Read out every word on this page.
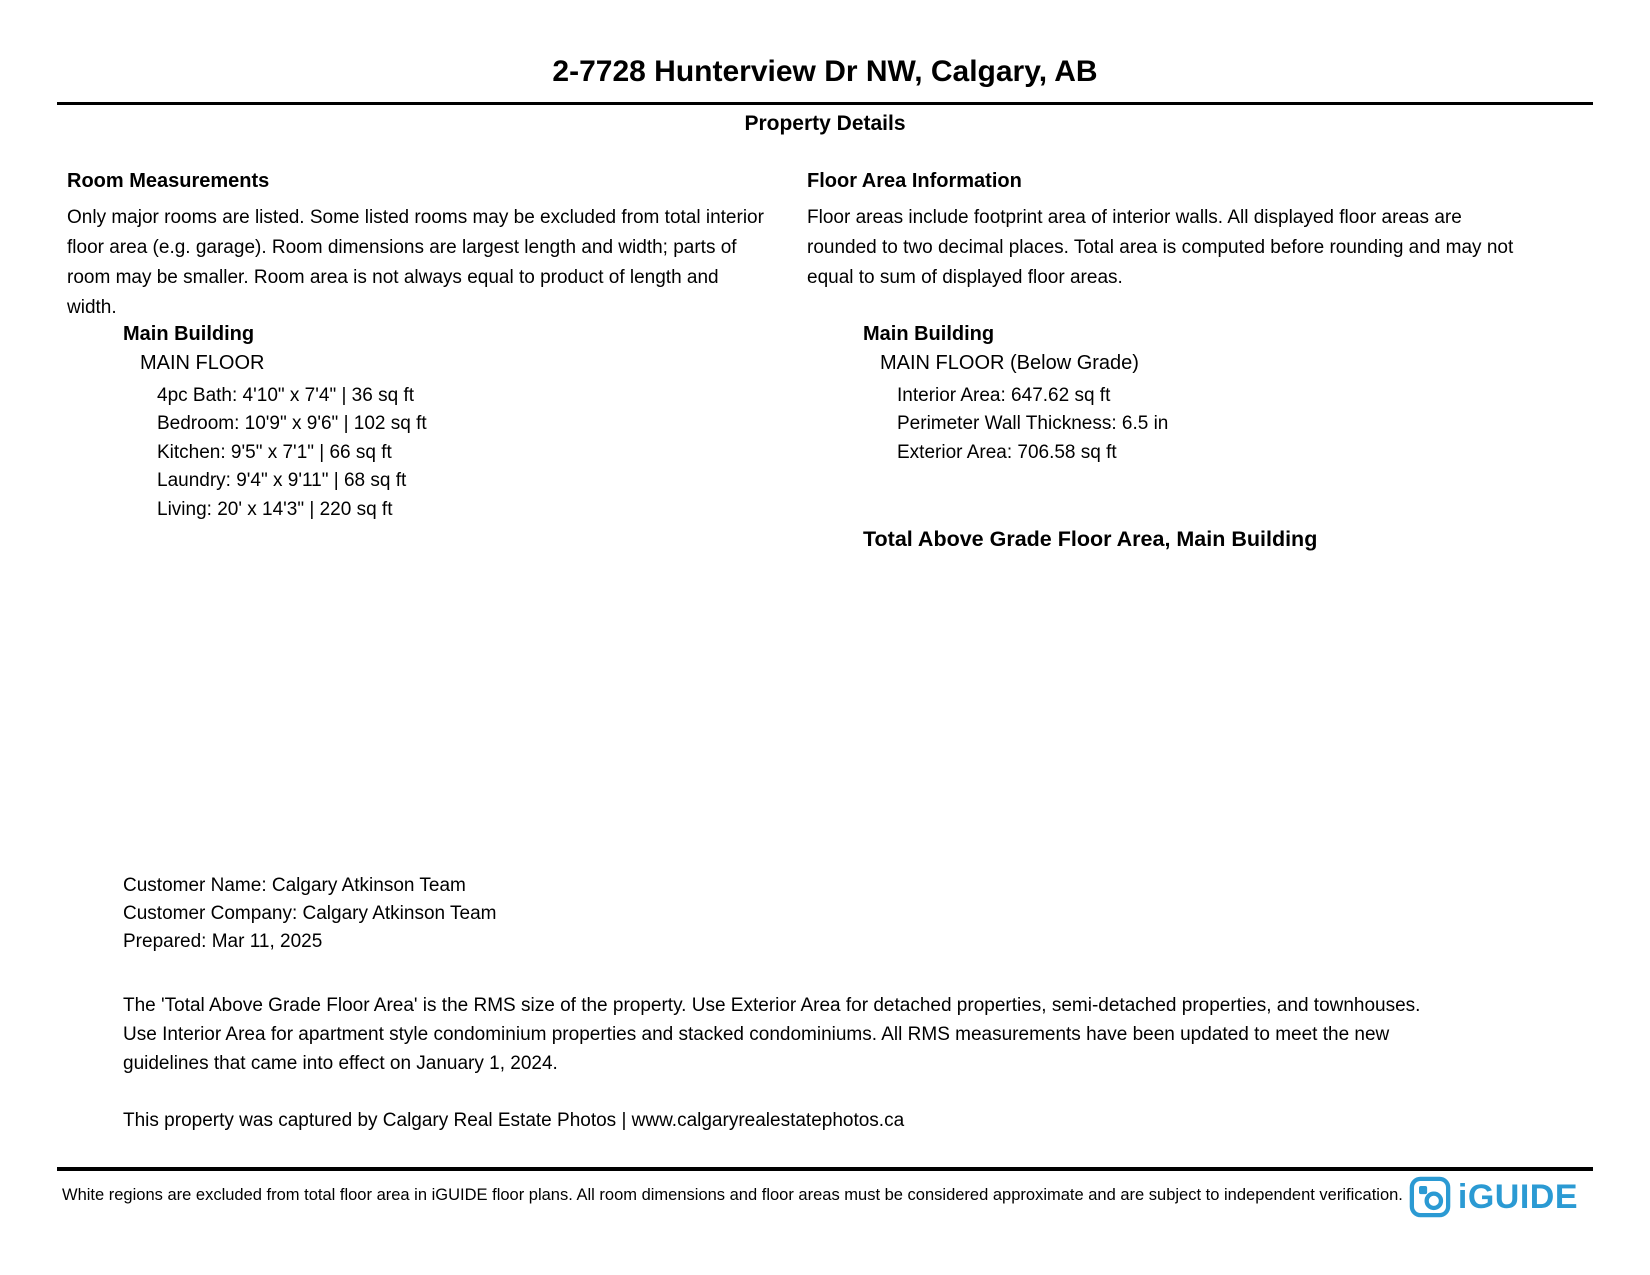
2-7728 Hunterview Dr NW, Calgary, AB
Property Details
Room Measurements

Only major rooms are listed. Some listed rooms may be excluded from total interior floor area (e.g. garage). Room dimensions are largest length and width; parts of room may be smaller. Room area is not always equal to product of length and width.

Main Building
MAIN FLOOR
4pc Bath: 4'10" x 7'4" | 36 sq ft
Bedroom: 10'9" x 9'6" | 102 sq ft
Kitchen: 9'5" x 7'1" | 66 sq ft
Laundry: 9'4" x 9'11" | 68 sq ft
Living: 20' x 14'3" | 220 sq ft
Floor Area Information

Floor areas include footprint area of interior walls. All displayed floor areas are rounded to two decimal places. Total area is computed before rounding and may not equal to sum of displayed floor areas.

Main Building
MAIN FLOOR (Below Grade)
Interior Area: 647.62 sq ft
Perimeter Wall Thickness: 6.5 in
Exterior Area: 706.58 sq ft
Total Above Grade Floor Area, Main Building
Customer Name: Calgary Atkinson Team
Customer Company: Calgary Atkinson Team
Prepared: Mar 11, 2025

The 'Total Above Grade Floor Area' is the RMS size of the property. Use Exterior Area for detached properties, semi-detached properties, and townhouses. Use Interior Area for apartment style condominium properties and stacked condominiums. All RMS measurements have been updated to meet the new guidelines that came into effect on January 1, 2024.

This property was captured by Calgary Real Estate Photos | www.calgaryrealestatephotos.ca

White regions are excluded from total floor area in iGUIDE floor plans. All room dimensions and floor areas must be considered approximate and are subject to independent verification. iGUIDE
